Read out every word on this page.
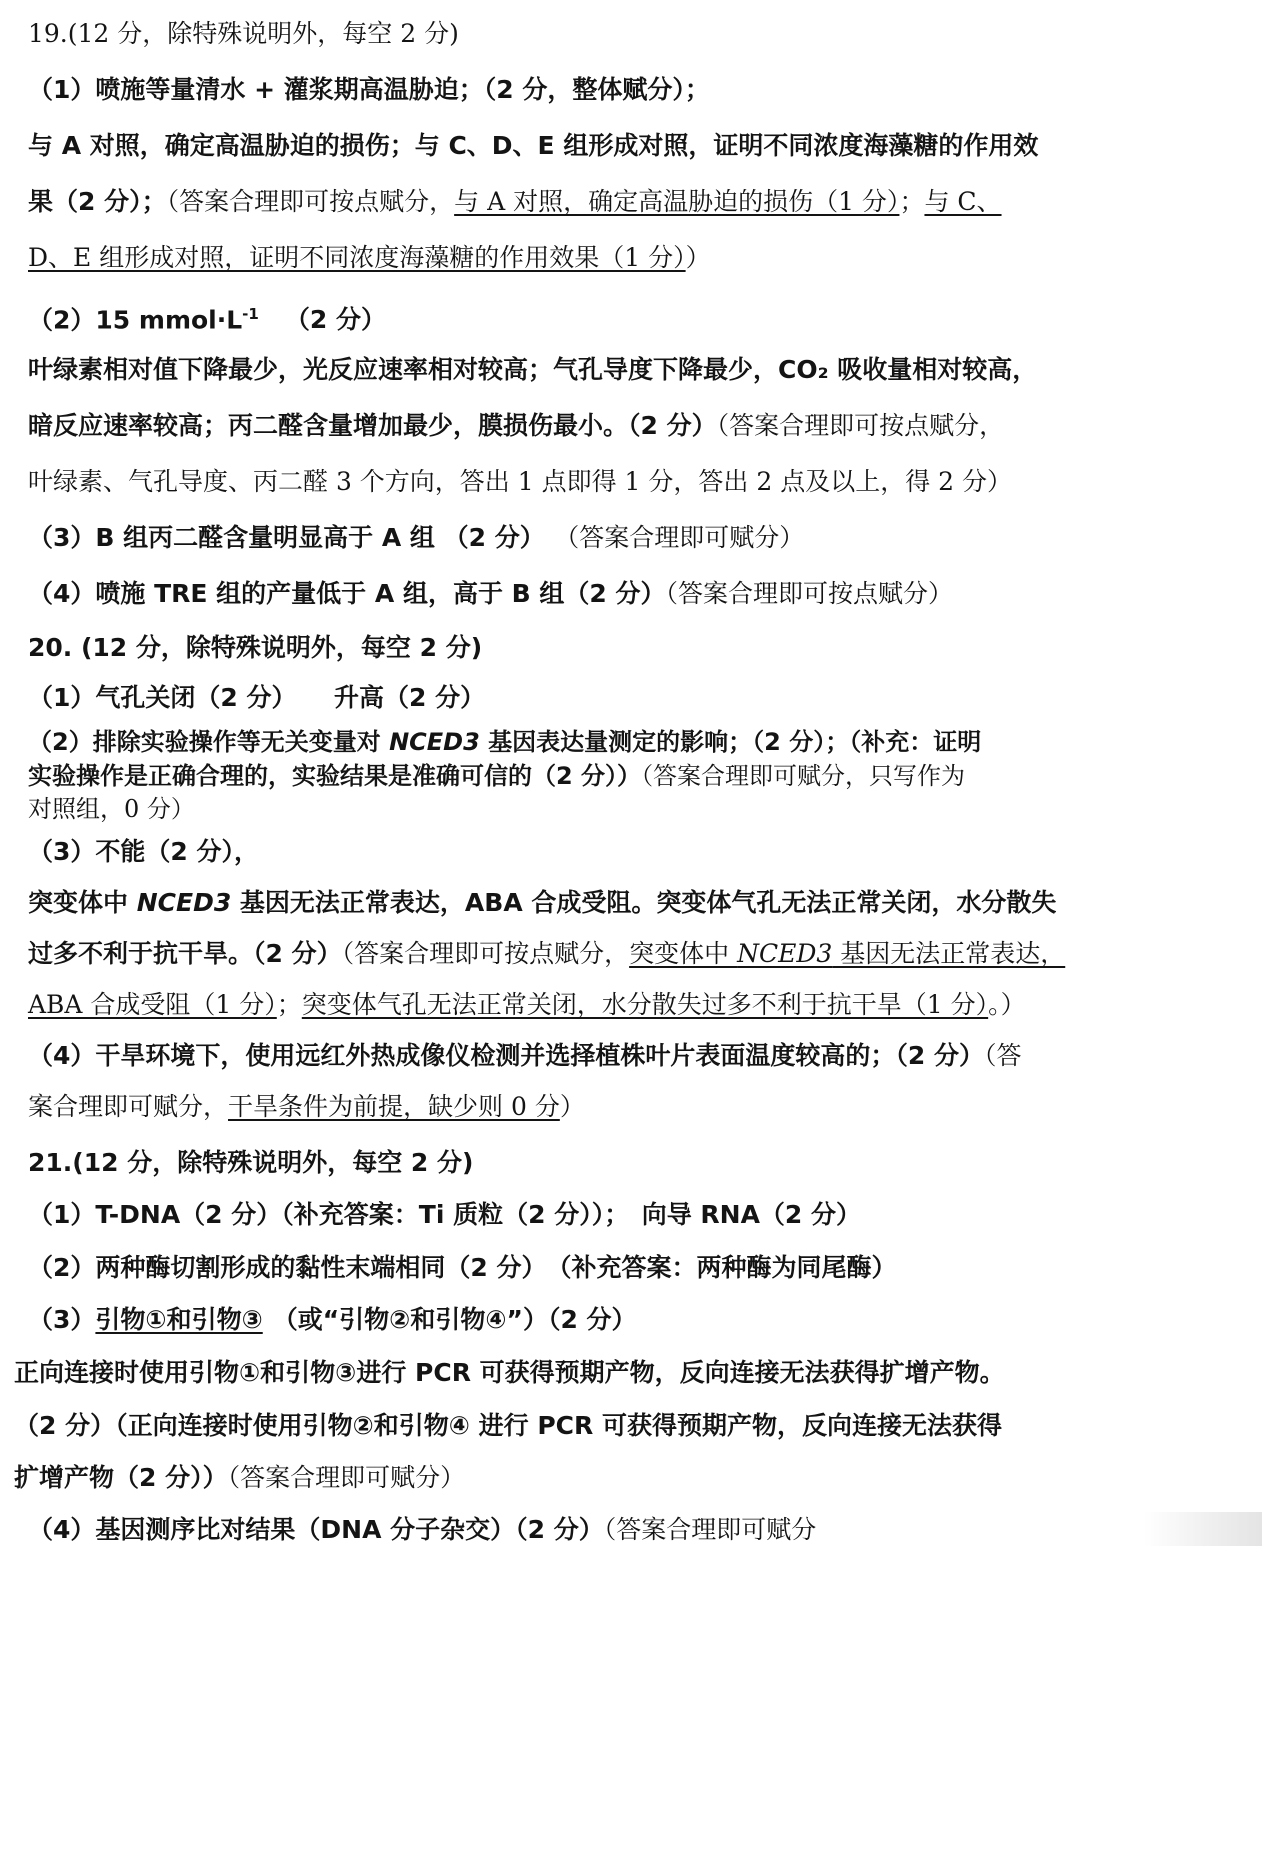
19.(12 分，除特殊说明外，每空 2 分)
（1）喷施等量清水 + 灌浆期高温胁迫；（2 分，整体赋分）；
与 A 对照，确定高温胁迫的损伤；与 C、D、E 组形成对照，证明不同浓度海藻糖的作用效
果（2 分）；（答案合理即可按点赋分，与 A 对照，确定高温胁迫的损伤（1 分）；与 C、
D、E 组形成对照，证明不同浓度海藻糖的作用效果（1 分））
（2）15 $mmol\cdot L^{-1}$ （2 分）
叶绿素相对值下降最少，光反应速率相对较高；气孔导度下降最少，CO₂ 吸收量相对较高，
暗反应速率较高；丙二醛含量增加最少，膜损伤最小。（2 分）（答案合理即可按点赋分，
叶绿素、气孔导度、丙二醛 3 个方向，答出 1 点即得 1 分，答出 2 点及以上，得 2 分）
（3）B 组丙二醛含量明显高于 A 组 （2 分） （答案合理即可赋分）
（4）喷施 TRE 组的产量低于 A 组，高于 B 组（2 分）（答案合理即可按点赋分）
20. (12 分，除特殊说明外，每空 2 分)
（1）气孔关闭（2 分）　　升高（2 分）
（2）排除实验操作等无关变量对 NCED3 基因表达量测定的影响；（2 分）；（补充：证明
实验操作是正确合理的，实验结果是准确可信的（2 分））（答案合理即可赋分，只写作为
对照组，0 分）
（3）不能（2 分），
突变体中 NCED3 基因无法正常表达，ABA 合成受阻。突变体气孔无法正常关闭，水分散失
过多不利于抗干旱。（2 分）（答案合理即可按点赋分，突变体中 NCED3 基因无法正常表达，
ABA 合成受阻（1 分）；突变体气孔无法正常关闭，水分散失过多不利于抗干旱（1 分）。）
（4）干旱环境下，使用远红外热成像仪检测并选择植株叶片表面温度较高的；（2 分）（答
案合理即可赋分，干旱条件为前提，缺少则 0 分）
21.(12 分，除特殊说明外，每空 2 分)
（1）T-DNA（2 分）（补充答案：Ti 质粒（2 分））；　向导 RNA（2 分）
（2）两种酶切割形成的黏性末端相同（2 分）　（补充答案：两种酶为同尾酶）
（3）引物①和引物③ （或“引物②和引物④”）（2 分）
正向连接时使用引物①和引物③进行 PCR 可获得预期产物，反向连接无法获得扩增产物。
（2 分）（正向连接时使用引物②和引物④ 进行 PCR 可获得预期产物，反向连接无法获得
扩增产物（2 分））（答案合理即可赋分）
（4）基因测序比对结果（DNA 分子杂交）（2 分）（答案合理即可赋分
